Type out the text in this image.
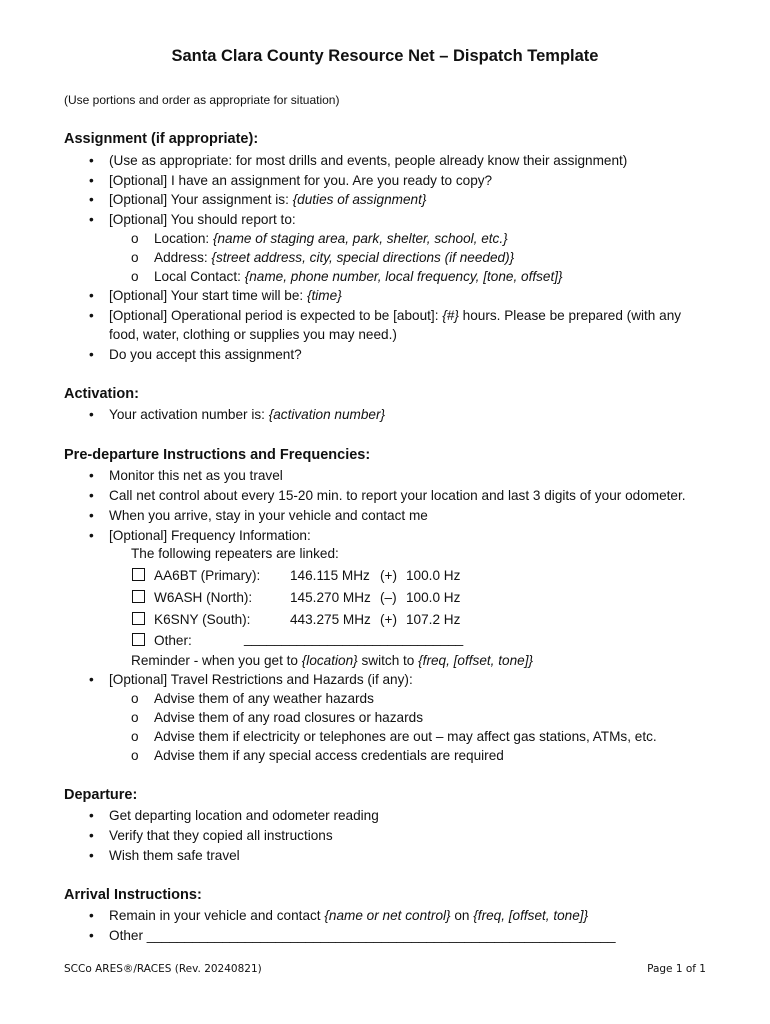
Santa Clara County Resource Net – Dispatch Template
(Use portions and order as appropriate for situation)
Assignment (if appropriate):
•
(Use as appropriate: for most drills and events, people already know their assignment)
•
[Optional] I have an assignment for you. Are you ready to copy?
•
[Optional] Your assignment is: {duties of assignment}
•
[Optional] You should report to:
o
Location: {name of staging area, park, shelter, school, etc.}
o
Address: {street address, city, special directions (if needed)}
o
Local Contact: {name, phone number, local frequency, [tone, offset]}
•
[Optional] Your start time will be: {time}
•
[Optional] Operational period is expected to be [about]: {#} hours. Please be prepared (with any
food, water, clothing or supplies you may need.)
•
Do you accept this assignment?
Activation:
•
Your activation number is: {activation number}
Pre-departure Instructions and Frequencies:
•
Monitor this net as you travel
•
Call net control about every 15-20 min. to report your location and last 3 digits of your odometer.
•
When you arrive, stay in your vehicle and contact me
•
[Optional] Frequency Information:
The following repeaters are linked:
AA6BT (Primary): 146.115 MHz (+) 100.0 Hz
W6ASH (North):	145.270 MHz (–) 100.0 Hz
K6SNY (South):	443.275 MHz (+) 107.2 Hz
Other:	_____________________________
Reminder - when you get to {location} switch to {freq, [offset, tone]}
•
[Optional] Travel Restrictions and Hazards (if any):
o
Advise them of any weather hazards
o
Advise them of any road closures or hazards
o
Advise them if electricity or telephones are out – may affect gas stations, ATMs, etc.
o
Advise them if any special access credentials are required
Departure:
•
Get departing location and odometer reading
•
Verify that they copied all instructions
•
Wish them safe travel
Arrival Instructions:
•
Remain in your vehicle and contact {name or net control} on {freq, [offset, tone]}
•
Other ______________________________________________________________
SCCo ARES®/RACES (Rev. 20240821)	Page 1 of 1
